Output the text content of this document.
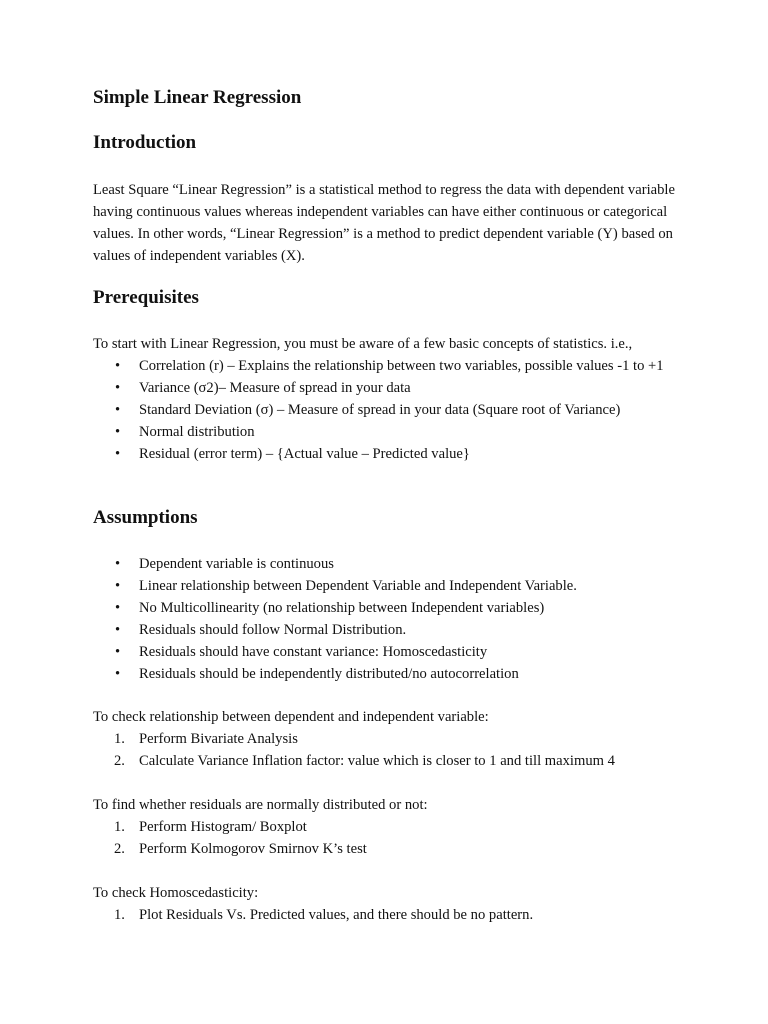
Simple Linear Regression
Introduction

Least Square “Linear Regression” is a statistical method to regress the data with dependent variable having continuous values whereas independent variables can have either continuous or categorical values. In other words, “Linear Regression” is a method to predict dependent variable (Y) based on values of independent variables (X).

Prerequisites

To start with Linear Regression, you must be aware of a few basic concepts of statistics. i.e.,

• Correlation (r) – Explains the relationship between two variables, possible values -1 to +1
• Variance (σ2)– Measure of spread in your data
• Standard Deviation (σ) – Measure of spread in your data (Square root of Variance)
• Normal distribution
• Residual (error term) – {Actual value – Predicted value}
Assumptions
• Dependent variable is continuous
• Linear relationship between Dependent Variable and Independent Variable.
• No Multicollinearity (no relationship between Independent variables)
• Residuals should follow Normal Distribution.
• Residuals should have constant variance: Homoscedasticity
• Residuals should be independently distributed/no autocorrelation

To check relationship between dependent and independent variable:

1. Perform Bivariate Analysis
2. Calculate Variance Inflation factor: value which is closer to 1 and till maximum 4

To find whether residuals are normally distributed or not:

1. Perform Histogram/ Boxplot
2. Perform Kolmogorov Smirnov K’s test

To check Homoscedasticity:

1. Plot Residuals Vs. Predicted values, and there should be no pattern.
